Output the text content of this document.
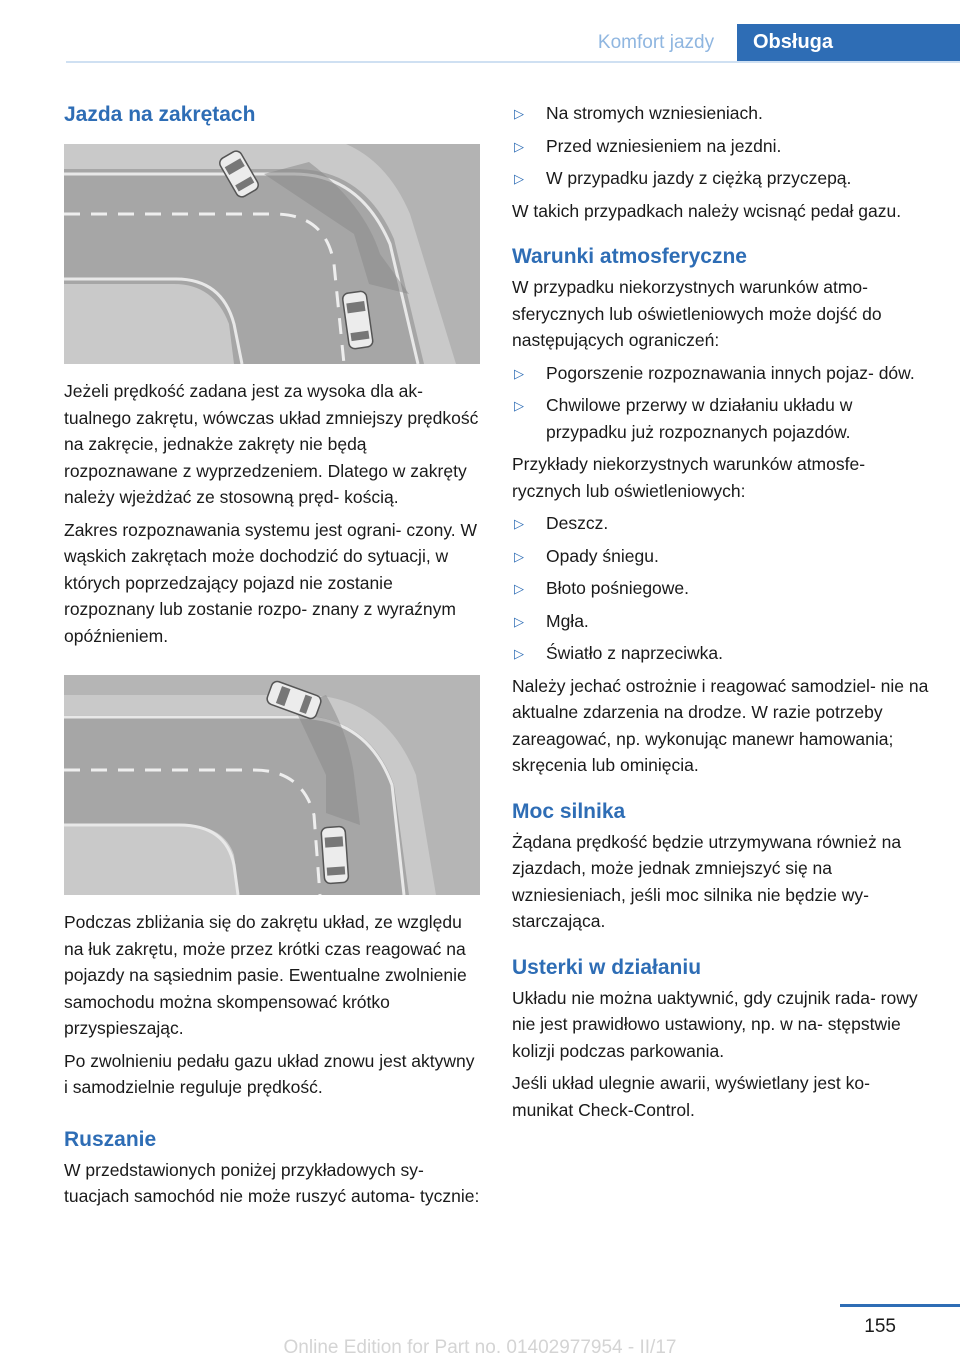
Komfort jazdy	Obsługa
Jazda na zakrętach

Jeżeli prędkość zadana jest za wysoka dla ak‐ tualnego zakrętu, wówczas układ zmniejszy prędkość na zakręcie, jednakże zakręty nie będą rozpoznawane z wyprzedzeniem. Dlatego w zakręty należy wjeżdżać ze stosowną pręd‐ kością.

Zakres rozpoznawania systemu jest ograni‐ czony. W wąskich zakrętach może dochodzić do sytuacji, w których poprzedzający pojazd nie zostanie rozpoznany lub zostanie rozpo‐ znany z wyraźnym opóźnieniem.

Podczas zbliżania się do zakrętu układ, ze względu na łuk zakrętu, może przez krótki czas reagować na pojazdy na sąsiednim pasie. Ewentualne zwolnienie samochodu można skompensować krótko przyspieszając.

Po zwolnieniu pedału gazu układ znowu jest aktywny i samodzielnie reguluje prędkość.

Ruszanie

W przedstawionych poniżej przykładowych sy‐ tuacjach samochód nie może ruszyć automa‐ tycznie:

▷ Na stromych wzniesieniach.
▷ Przed wzniesieniem na jezdni.
▷ W przypadku jazdy z ciężką przyczepą.

W takich przypadkach należy wcisnąć pedał gazu.

Warunki atmosferyczne

W przypadku niekorzystnych warunków atmo‐ sferycznych lub oświetleniowych może dojść do następujących ograniczeń:

▷ Pogorszenie rozpoznawania innych pojaz‐ dów.
▷ Chwilowe przerwy w działaniu układu w przypadku już rozpoznanych pojazdów.

Przykłady niekorzystnych warunków atmosfe‐ rycznych lub oświetleniowych:

▷ Deszcz.
▷ Opady śniegu.
▷ Błoto pośniegowe.
▷ Mgła.
▷ Światło z naprzeciwka.

Należy jechać ostrożnie i reagować samodziel‐ nie na aktualne zdarzenia na drodze. W razie potrzeby zareagować, np. wykonując manewr hamowania; skręcenia lub ominięcia.

Moc silnika

Żądana prędkość będzie utrzymywana również na zjazdach, może jednak zmniejszyć się na wzniesieniach, jeśli moc silnika nie będzie wy‐ starczająca.

Usterki w działaniu

Układu nie można uaktywnić, gdy czujnik rada‐ rowy nie jest prawidłowo ustawiony, np. w na‐ stępstwie kolizji podczas parkowania.

Jeśli układ ulegnie awarii, wyświetlany jest ko‐ munikat Check-Control.

155
Online Edition for Part no. 01402977954 - II/17
